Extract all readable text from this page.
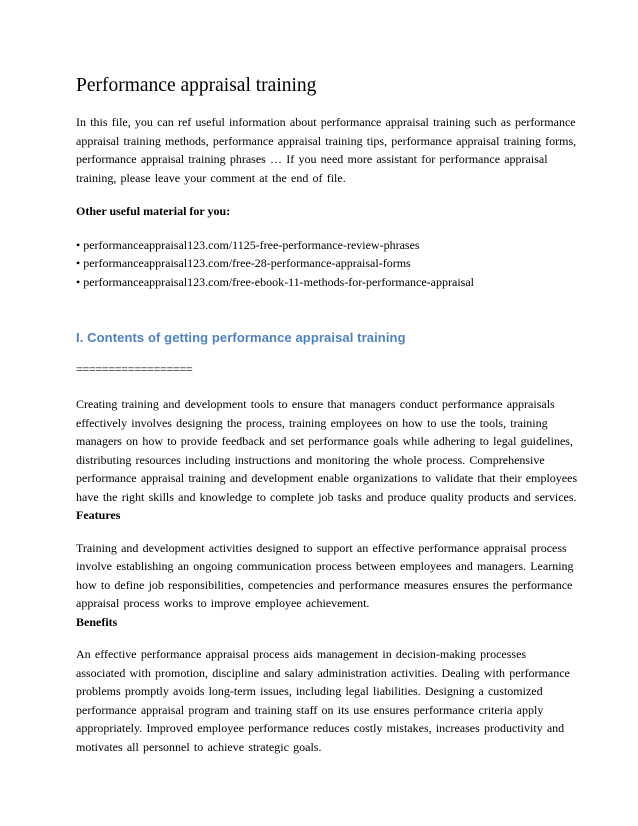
Performance appraisal training

In this file, you can ref useful information about performance appraisal training such as performance appraisal training methods, performance appraisal training tips, performance appraisal training forms, performance appraisal training phrases … If you need more assistant for performance appraisal training, please leave your comment at the end of file.

Other useful material for you:

• performanceappraisal123.com/1125-free-performance-review-phrases
• performanceappraisal123.com/free-28-performance-appraisal-forms
• performanceappraisal123.com/free-ebook-11-methods-for-performance-appraisal
I. Contents of getting performance appraisal training

==================

Creating training and development tools to ensure that managers conduct performance appraisals effectively involves designing the process, training employees on how to use the tools, training managers on how to provide feedback and set performance goals while adhering to legal guidelines, distributing resources including instructions and monitoring the whole process. Comprehensive performance appraisal training and development enable organizations to validate that their employees have the right skills and knowledge to complete job tasks and produce quality products and services.

Features

Training and development activities designed to support an effective performance appraisal process involve establishing an ongoing communication process between employees and managers. Learning how to define job responsibilities, competencies and performance measures ensures the performance appraisal process works to improve employee achievement.

Benefits

An effective performance appraisal process aids management in decision-making processes associated with promotion, discipline and salary administration activities. Dealing with performance problems promptly avoids long-term issues, including legal liabilities. Designing a customized performance appraisal program and training staff on its use ensures performance criteria apply appropriately. Improved employee performance reduces costly mistakes, increases productivity and motivates all personnel to achieve strategic goals.
